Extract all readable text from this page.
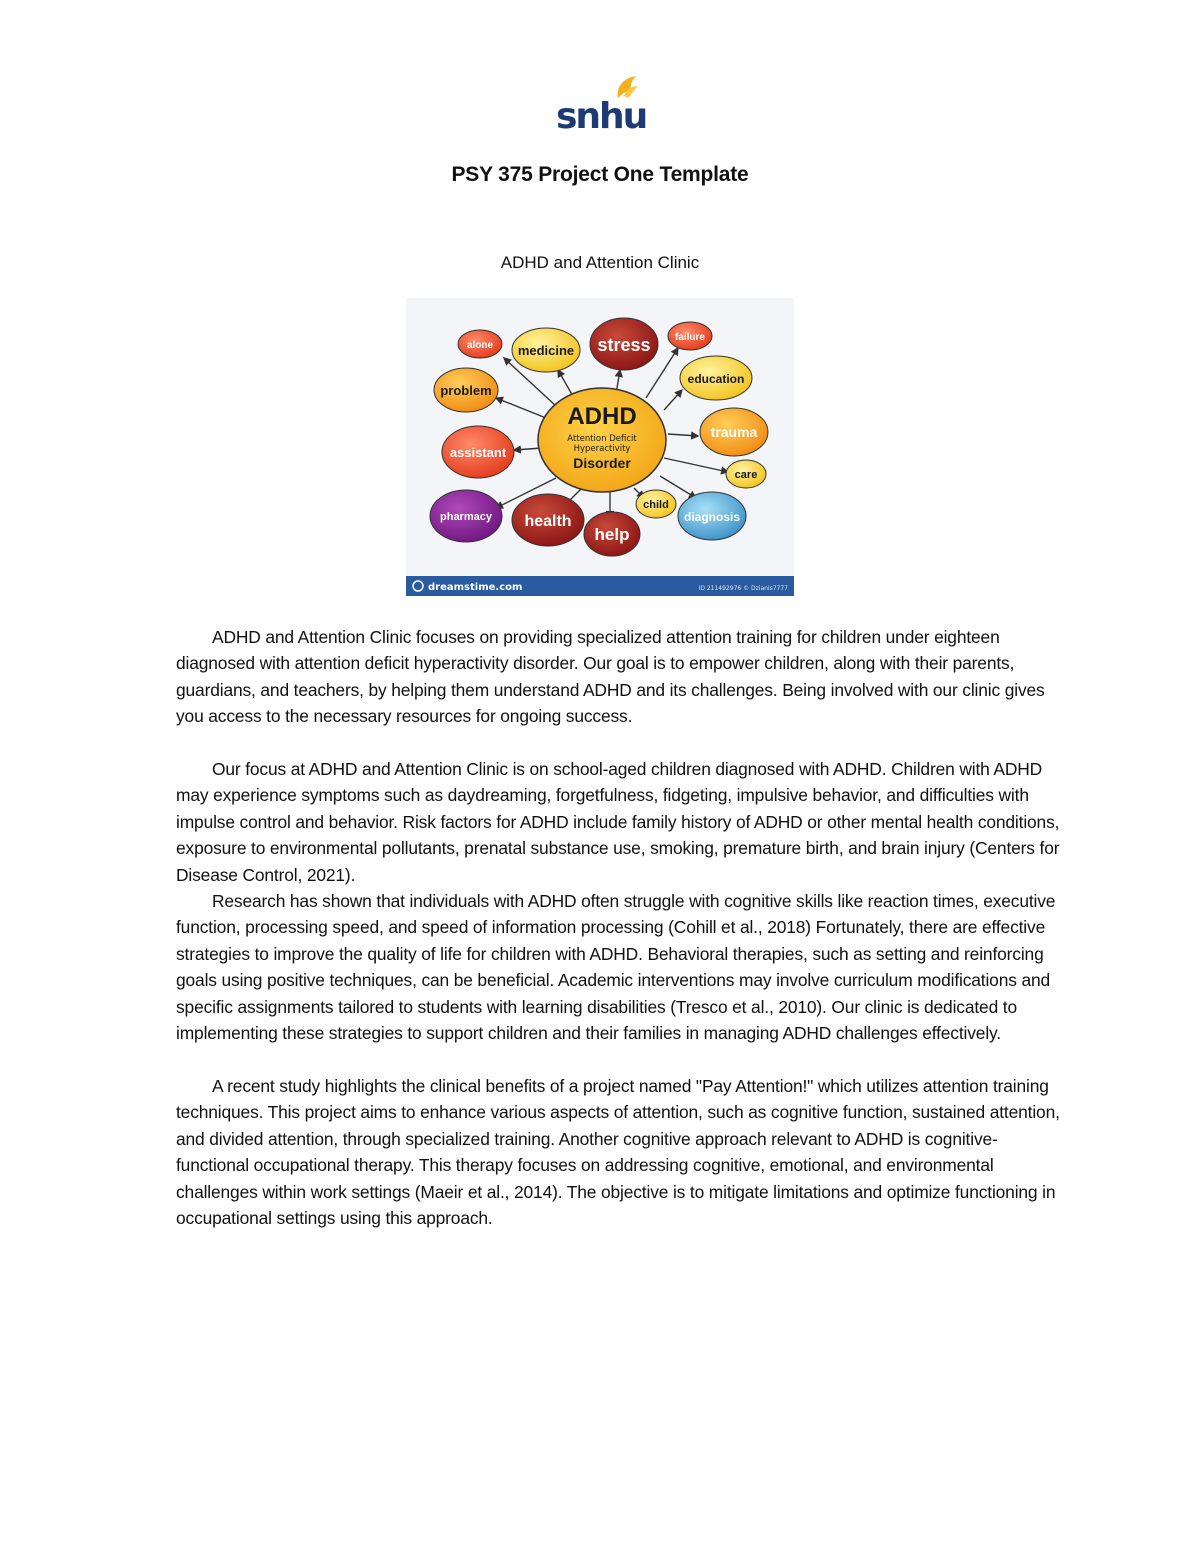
snhu
PSY 375 Project One Template
ADHD and Attention Clinic
ADHD
Attention Deficit
Hyperactivity
Disorder
alone medicine stress failure
education
problem
trauma
assistant
care
pharmacy health
help
child
diagnosis
dreamstime.com	ID 211492976 © Dzianis7777

ADHD and Attention Clinic focuses on providing specialized attention training for children under eighteen diagnosed with attention deficit hyperactivity disorder. Our goal is to empower children, along with their parents, guardians, and teachers, by helping them understand ADHD and its challenges. Being involved with our clinic gives you access to the necessary resources for ongoing success.

Our focus at ADHD and Attention Clinic is on school-aged children diagnosed with ADHD. Children with ADHD may experience symptoms such as daydreaming, forgetfulness, fidgeting, impulsive behavior, and difficulties with impulse control and behavior. Risk factors for ADHD include family history of ADHD or other mental health conditions, exposure to environmental pollutants, prenatal substance use, smoking, premature birth, and brain injury (Centers for Disease Control, 2021).

Research has shown that individuals with ADHD often struggle with cognitive skills like reaction times, executive function, processing speed, and speed of information processing (Cohill et al., 2018) Fortunately, there are effective strategies to improve the quality of life for children with ADHD. Behavioral therapies, such as setting and reinforcing goals using positive techniques, can be beneficial. Academic interventions may involve curriculum modifications and specific assignments tailored to students with learning disabilities (Tresco et al., 2010). Our clinic is dedicated to implementing these strategies to support children and their families in managing ADHD challenges effectively.

A recent study highlights the clinical benefits of a project named "Pay Attention!" which utilizes attention training techniques. This project aims to enhance various aspects of attention, such as cognitive function, sustained attention, and divided attention, through specialized training. Another cognitive approach relevant to ADHD is cognitive-functional occupational therapy. This therapy focuses on addressing cognitive, emotional, and environmental challenges within work settings (Maeir et al., 2014). The objective is to mitigate limitations and optimize functioning in occupational settings using this approach.
